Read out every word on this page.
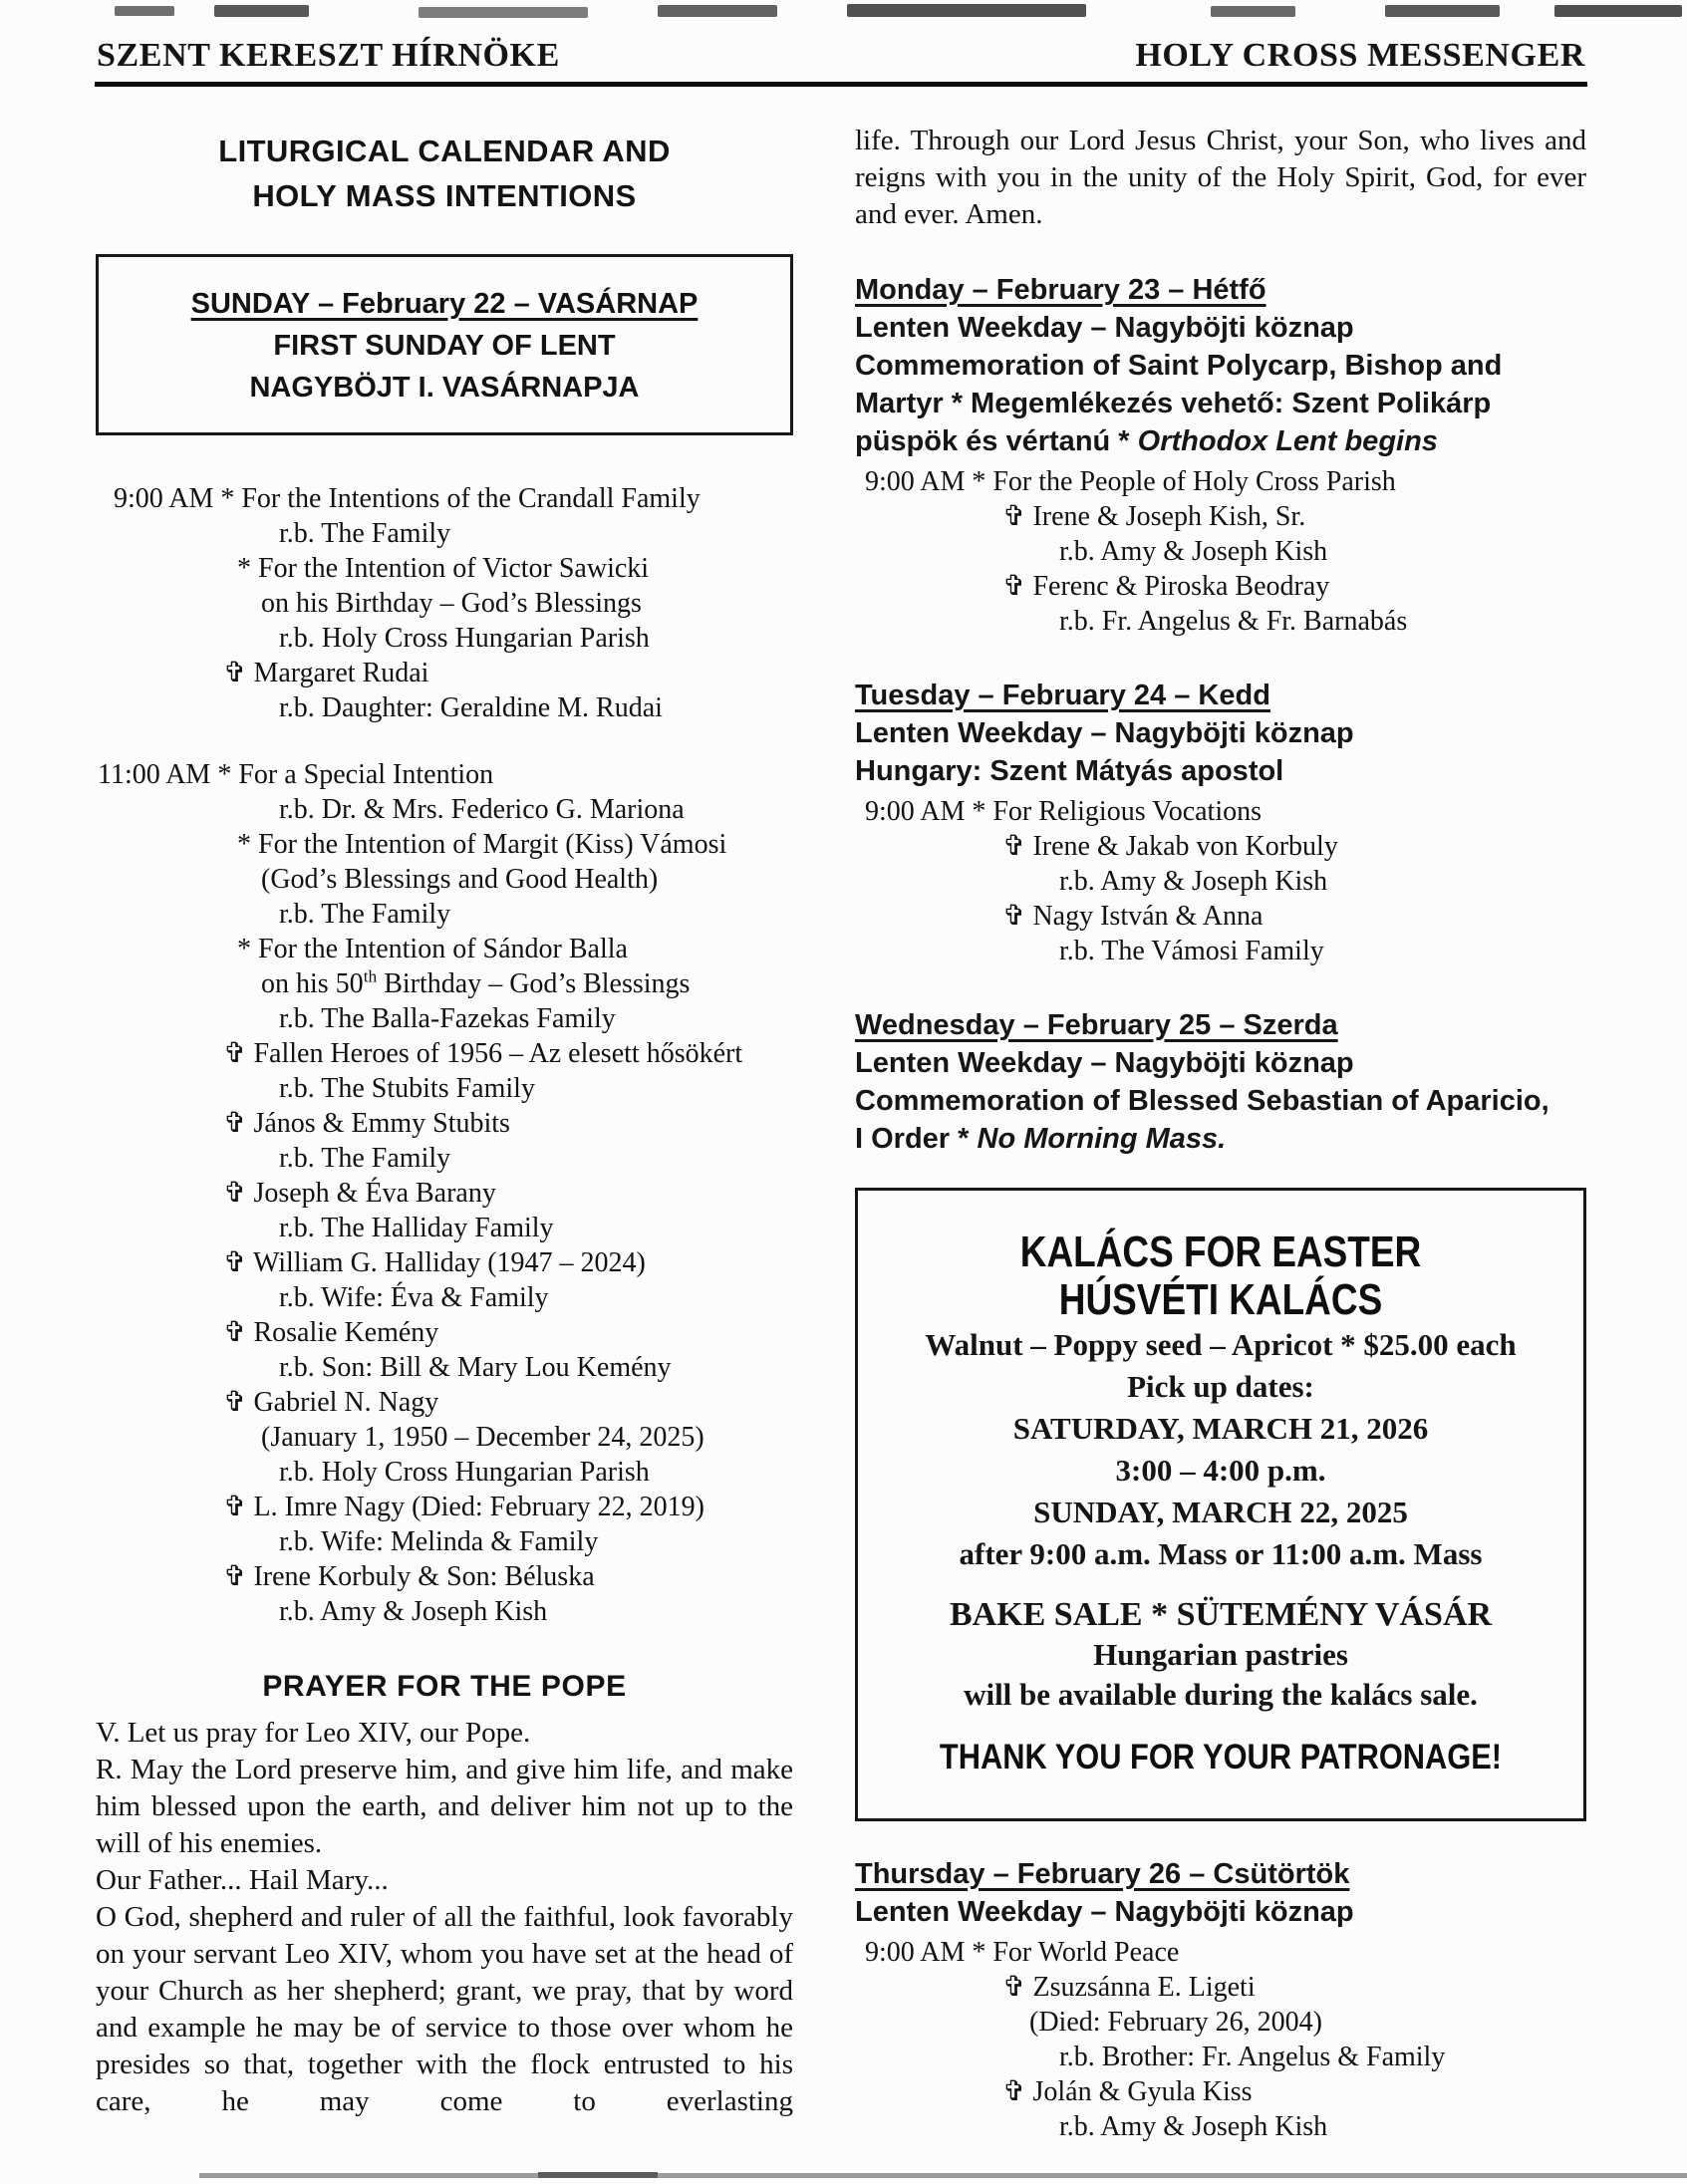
SZENT KERESZT HÍRNÖKE	HOLY CROSS MESSENGER
LITURGICAL CALENDAR AND
HOLY MASS INTENTIONS
SUNDAY – February 22 – VASÁRNAP
FIRST SUNDAY OF LENT
NAGYBÖJT I. VASÁRNAPJA
9:00 AM * For the Intentions of the Crandall Family
r.b. The Family
* For the Intention of Victor Sawicki
on his Birthday – God’s Blessings
r.b. Holy Cross Hungarian Parish
✞ Margaret Rudai
r.b. Daughter: Geraldine M. Rudai
11:00 AM * For a Special Intention
r.b. Dr. & Mrs. Federico G. Mariona
* For the Intention of Margit (Kiss) Vámosi
(God’s Blessings and Good Health)
r.b. The Family
* For the Intention of Sándor Balla
on his 50th Birthday – God’s Blessings
r.b. The Balla-Fazekas Family
✞ Fallen Heroes of 1956 – Az elesett hősökért
r.b. The Stubits Family
✞ János & Emmy Stubits
r.b. The Family
✞ Joseph & Éva Barany
r.b. The Halliday Family
✞ William G. Halliday (1947 – 2024)
r.b. Wife: Éva & Family
✞ Rosalie Kemény
r.b. Son: Bill & Mary Lou Kemény
✞ Gabriel N. Nagy
(January 1, 1950 – December 24, 2025)
r.b. Holy Cross Hungarian Parish
✞ L. Imre Nagy (Died: February 22, 2019)
r.b. Wife: Melinda & Family
✞ Irene Korbuly & Son: Béluska
r.b. Amy & Joseph Kish
PRAYER FOR THE POPE

V. Let us pray for Leo XIV, our Pope.

R. May the Lord preserve him, and give him life, and make him blessed upon the earth, and deliver him not up to the will of his enemies.

Our Father... Hail Mary...

O God, shepherd and ruler of all the faithful, look favorably on your servant Leo XIV, whom you have set at the head of your Church as her shepherd; grant, we pray, that by word and example he may be of service to those over whom he presides so that, together with the flock entrusted to his care, he may come to everlasting

life. Through our Lord Jesus Christ, your Son, who lives and reigns with you in the unity of the Holy Spirit, God, for ever and ever. Amen.

Monday – February 23 – Hétfő
Lenten Weekday – Nagyböjti köznap
Commemoration of Saint Polycarp, Bishop and
Martyr * Megemlékezés vehető: Szent Polikárp
püspök és vértanú * Orthodox Lent begins
9:00 AM * For the People of Holy Cross Parish
✞ Irene & Joseph Kish, Sr.
r.b. Amy & Joseph Kish
✞ Ferenc & Piroska Beodray
r.b. Fr. Angelus & Fr. Barnabás
Tuesday – February 24 – Kedd
Lenten Weekday – Nagyböjti köznap
Hungary: Szent Mátyás apostol
9:00 AM * For Religious Vocations
✞ Irene & Jakab von Korbuly
r.b. Amy & Joseph Kish
✞ Nagy István & Anna
r.b. The Vámosi Family
Wednesday – February 25 – Szerda
Lenten Weekday – Nagyböjti köznap
Commemoration of Blessed Sebastian of Aparicio,
I Order * No Morning Mass.
KALÁCS FOR EASTER
HÚSVÉTI KALÁCS
Walnut – Poppy seed – Apricot * $25.00 each
Pick up dates:
SATURDAY, MARCH 21, 2026
3:00 – 4:00 p.m.
SUNDAY, MARCH 22, 2025
after 9:00 a.m. Mass or 11:00 a.m. Mass
BAKE SALE * SÜTEMÉNY VÁSÁR
Hungarian pastries
will be available during the kalács sale.
THANK YOU FOR YOUR PATRONAGE!
Thursday – February 26 – Csütörtök
Lenten Weekday – Nagyböjti köznap
9:00 AM * For World Peace
✞ Zsuzsánna E. Ligeti
(Died: February 26, 2004)
r.b. Brother: Fr. Angelus & Family
✞ Jolán & Gyula Kiss
r.b. Amy & Joseph Kish
